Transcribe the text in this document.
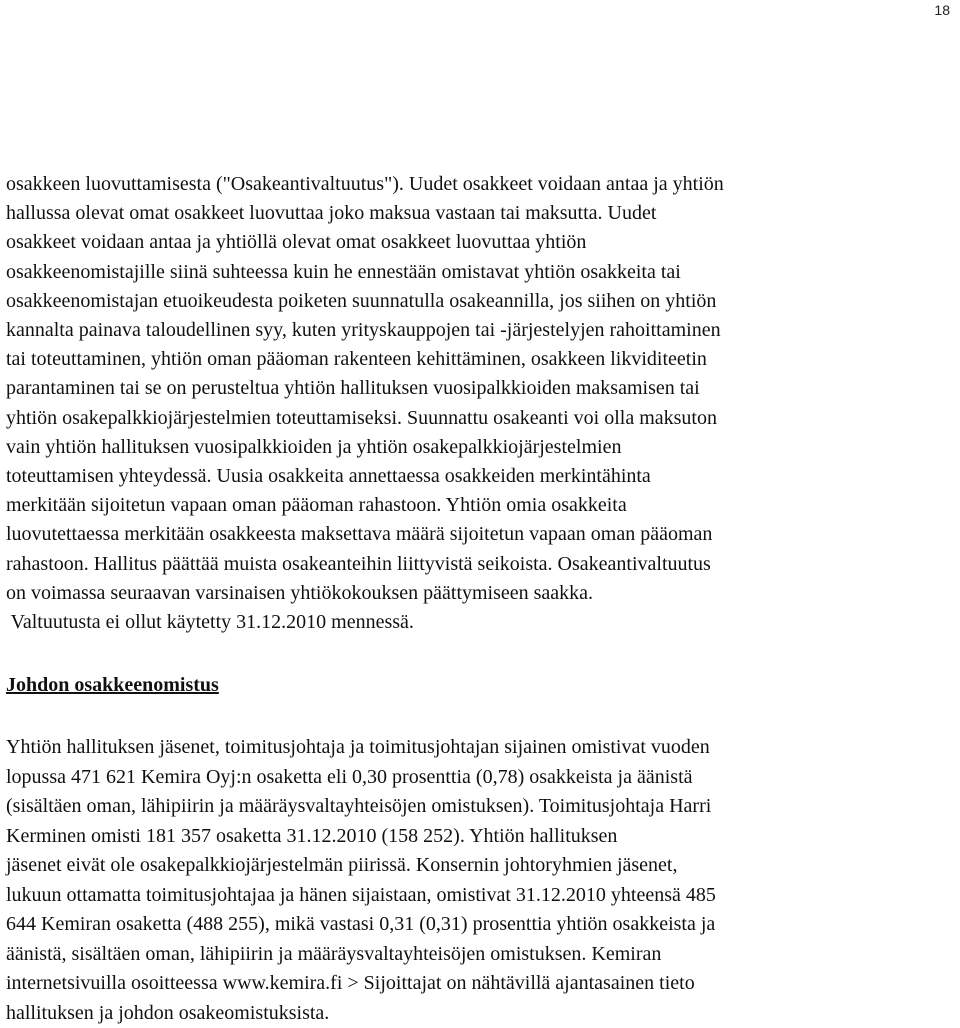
18
osakkeen luovuttamisesta ("Osakeantivaltuutus"). Uudet osakkeet voidaan antaa ja yhtiön
hallussa olevat omat osakkeet luovuttaa joko maksua vastaan tai maksutta. Uudet
osakkeet voidaan antaa ja yhtiöllä olevat omat osakkeet luovuttaa yhtiön
osakkeenomistajille siinä suhteessa kuin he ennestään omistavat yhtiön osakkeita tai
osakkeenomistajan etuoikeudesta poiketen suunnatulla osakeannilla, jos siihen on yhtiön
kannalta painava taloudellinen syy, kuten yrityskauppojen tai -järjestelyjen rahoittaminen
tai toteuttaminen, yhtiön oman pääoman rakenteen kehittäminen, osakkeen likviditeetin
parantaminen tai se on perusteltua yhtiön hallituksen vuosipalkkioiden maksamisen tai
yhtiön osakepalkkiojärjestelmien toteuttamiseksi. Suunnattu osakeanti voi olla maksuton
vain yhtiön hallituksen vuosipalkkioiden ja yhtiön osakepalkkiojärjestelmien
toteuttamisen yhteydessä. Uusia osakkeita annettaessa osakkeiden merkintähinta
merkitään sijoitetun vapaan oman pääoman rahastoon. Yhtiön omia osakkeita
luovutettaessa merkitään osakkeesta maksettava määrä sijoitetun vapaan oman pääoman
rahastoon. Hallitus päättää muista osakeanteihin liittyvistä seikoista. Osakeantivaltuutus
on voimassa seuraavan varsinaisen yhtiökokouksen päättymiseen saakka.
Valtuutusta ei ollut käytetty 31.12.2010 mennessä.
Johdon osakkeenomistus
Yhtiön hallituksen jäsenet, toimitusjohtaja ja toimitusjohtajan sijainen omistivat vuoden
lopussa 471 621 Kemira Oyj:n osaketta eli 0,30 prosenttia (0,78) osakkeista ja äänistä
(sisältäen oman, lähipiirin ja määräysvaltayhteisöjen omistuksen). Toimitusjohtaja Harri
Kerminen omisti 181 357 osaketta 31.12.2010 (158 252). Yhtiön hallituksen
jäsenet eivät ole osakepalkkiojärjestelmän piirissä. Konsernin johtoryhmien jäsenet,
lukuun ottamatta toimitusjohtajaa ja hänen sijaistaan, omistivat 31.12.2010 yhteensä 485
644 Kemiran osaketta (488 255), mikä vastasi 0,31 (0,31) prosenttia yhtiön osakkeista ja
äänistä, sisältäen oman, lähipiirin ja määräysvaltayhteisöjen omistuksen. Kemiran
internetsivuilla osoitteessa www.kemira.fi > Sijoittajat on nähtävillä ajantasainen tieto
hallituksen ja johdon osakeomistuksista.
